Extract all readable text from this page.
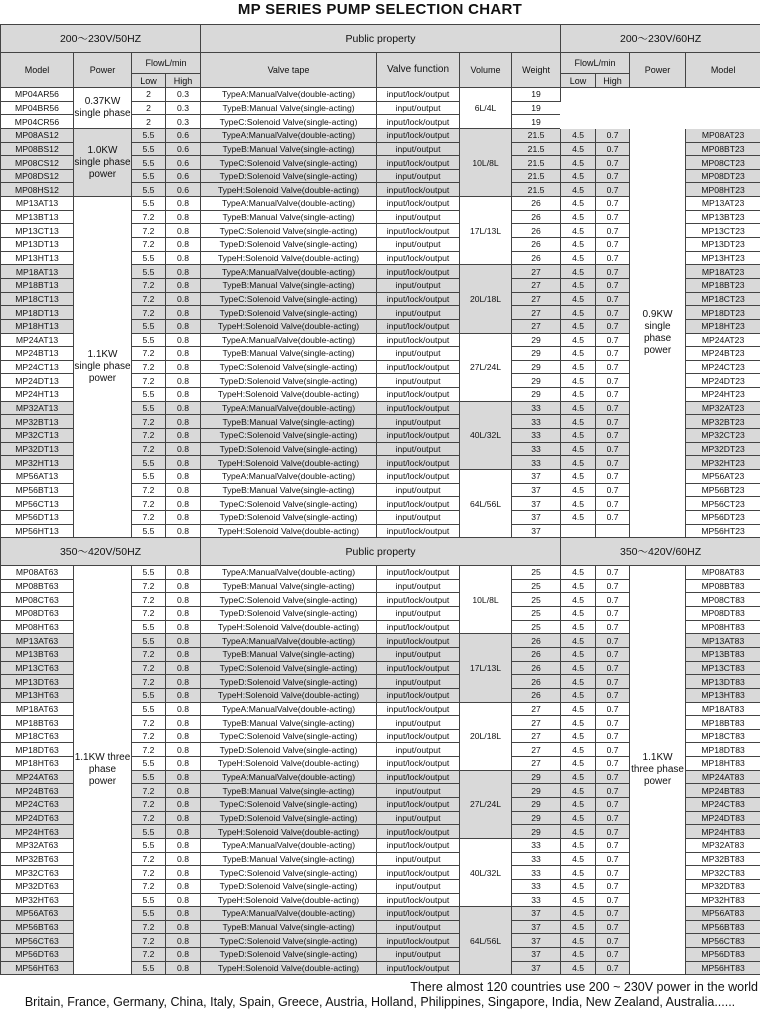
MP SERIES PUMP SELECTION CHART
200～230V/50HZ				Public property				200～230V/60HZ			
Model	Power	FlowL/min		Valve tape	Valve function	Volume	Weight	FlowL/min		Power	Model
		Low	High					Low	High		
MP04AR56	0.37KW single phase	2	0.3	TypeA:ManualValve(double-acting)	input/lock/output	6L/4L	19				
MP04BR56		2	0.3	TypeB:Manual Valve(single-acting)	input/output		19				
MP04CR56		2	0.3	TypeC:Solenoid Valve(single-acting)	input/lock/output		19				
MP08AS12	1.0KW single phase power	5.5	0.6	TypeA:ManualValve(double-acting)	input/lock/output	10L/8L	21.5	4.5	0.7	0.9KW single phase power	MP08AT23
MP08BS12		5.5	0.6	TypeB:Manual Valve(single-acting)	input/output		21.5	4.5	0.7		MP08BT23
MP08CS12		5.5	0.6	TypeC:Solenoid Valve(single-acting)	input/lock/output		21.5	4.5	0.7		MP08CT23
MP08DS12		5.5	0.6	TypeD:Solenoid Valve(single-acting)	input/output		21.5	4.5	0.7		MP08DT23
MP08HS12		5.5	0.6	TypeH:Solenoid Valve(double-acting)	input/lock/output		21.5	4.5	0.7		MP08HT23
MP13AT13	1.1KW single phase power	5.5	0.8	TypeA:ManualValve(double-acting)	input/lock/output	17L/13L	26	4.5	0.7		MP13AT23
MP13BT13		7.2	0.8	TypeB:Manual Valve(single-acting)	input/output		26	4.5	0.7		MP13BT23
MP13CT13		7.2	0.8	TypeC:Solenoid Valve(single-acting)	input/lock/output		26	4.5	0.7		MP13CT23
MP13DT13		7.2	0.8	TypeD:Solenoid Valve(single-acting)	input/output		26	4.5	0.7		MP13DT23
MP13HT13		5.5	0.8	TypeH:Solenoid Valve(double-acting)	input/lock/output		26	4.5	0.7		MP13HT23
MP18AT13		5.5	0.8	TypeA:ManualValve(double-acting)	input/lock/output	20L/18L	27	4.5	0.7		MP18AT23
MP18BT13		7.2	0.8	TypeB:Manual Valve(single-acting)	input/output		27	4.5	0.7		MP18BT23
MP18CT13		7.2	0.8	TypeC:Solenoid Valve(single-acting)	input/lock/output		27	4.5	0.7		MP18CT23
MP18DT13		7.2	0.8	TypeD:Solenoid Valve(single-acting)	input/output		27	4.5	0.7		MP18DT23
MP18HT13		5.5	0.8	TypeH:Solenoid Valve(double-acting)	input/lock/output		27	4.5	0.7		MP18HT23
MP24AT13		5.5	0.8	TypeA:ManualValve(double-acting)	input/lock/output	27L/24L	29	4.5	0.7		MP24AT23
MP24BT13		7.2	0.8	TypeB:Manual Valve(single-acting)	input/output		29	4.5	0.7		MP24BT23
MP24CT13		7.2	0.8	TypeC:Solenoid Valve(single-acting)	input/lock/output		29	4.5	0.7		MP24CT23
MP24DT13		7.2	0.8	TypeD:Solenoid Valve(single-acting)	input/output		29	4.5	0.7		MP24DT23
MP24HT13		5.5	0.8	TypeH:Solenoid Valve(double-acting)	input/lock/output		29	4.5	0.7		MP24HT23
MP32AT13		5.5	0.8	TypeA:ManualValve(double-acting)	input/lock/output	40L/32L	33	4.5	0.7		MP32AT23
MP32BT13		7.2	0.8	TypeB:Manual Valve(single-acting)	input/output		33	4.5	0.7		MP32BT23
MP32CT13		7.2	0.8	TypeC:Solenoid Valve(single-acting)	input/lock/output		33	4.5	0.7		MP32CT23
MP32DT13		7.2	0.8	TypeD:Solenoid Valve(single-acting)	input/output		33	4.5	0.7		MP32DT23
MP32HT13		5.5	0.8	TypeH:Solenoid Valve(double-acting)	input/lock/output		33	4.5	0.7		MP32HT23
MP56AT13		5.5	0.8	TypeA:ManualValve(double-acting)	input/lock/output	64L/56L	37	4.5	0.7		MP56AT23
MP56BT13		7.2	0.8	TypeB:Manual Valve(single-acting)	input/output		37	4.5	0.7		MP56BT23
MP56CT13		7.2	0.8	TypeC:Solenoid Valve(single-acting)	input/lock/output		37	4.5	0.7		MP56CT23
MP56DT13		7.2	0.8	TypeD:Solenoid Valve(single-acting)	input/output		37	4.5	0.7		MP56DT23
MP56HT13		5.5	0.8	TypeH:Solenoid Valve(double-acting)	input/lock/output		37				MP56HT23
350～420V/50HZ				Public property				350～420V/60HZ			
MP08AT63	1.1KW three phase power	5.5	0.8	TypeA:ManualValve(double-acting)	input/lock/output	10L/8L	25	4.5	0.7	1.1KW three phase power	MP08AT83
MP08BT63		7.2	0.8	TypeB:Manual Valve(single-acting)	input/output		25	4.5	0.7		MP08BT83
MP08CT63		7.2	0.8	TypeC:Solenoid Valve(single-acting)	input/lock/output		25	4.5	0.7		MP08CT83
MP08DT63		7.2	0.8	TypeD:Solenoid Valve(single-acting)	input/output		25	4.5	0.7		MP08DT83
MP08HT63		5.5	0.8	TypeH:Solenoid Valve(double-acting)	input/lock/output		25	4.5	0.7		MP08HT83
MP13AT63		5.5	0.8	TypeA:ManualValve(double-acting)	input/lock/output	17L/13L	26	4.5	0.7		MP13AT83
MP13BT63		7.2	0.8	TypeB:Manual Valve(single-acting)	input/output		26	4.5	0.7		MP13BT83
MP13CT63		7.2	0.8	TypeC:Solenoid Valve(single-acting)	input/lock/output		26	4.5	0.7		MP13CT83
MP13DT63		7.2	0.8	TypeD:Solenoid Valve(single-acting)	input/output		26	4.5	0.7		MP13DT83
MP13HT63		5.5	0.8	TypeH:Solenoid Valve(double-acting)	input/lock/output		26	4.5	0.7		MP13HT83
MP18AT63		5.5	0.8	TypeA:ManualValve(double-acting)	input/lock/output	20L/18L	27	4.5	0.7		MP18AT83
MP18BT63		7.2	0.8	TypeB:Manual Valve(single-acting)	input/output		27	4.5	0.7		MP18BT83
MP18CT63		7.2	0.8	TypeC:Solenoid Valve(single-acting)	input/lock/output		27	4.5	0.7		MP18CT83
MP18DT63		7.2	0.8	TypeD:Solenoid Valve(single-acting)	input/output		27	4.5	0.7		MP18DT83
MP18HT63		5.5	0.8	TypeH:Solenoid Valve(double-acting)	input/lock/output		27	4.5	0.7		MP18HT83
MP24AT63		5.5	0.8	TypeA:ManualValve(double-acting)	input/lock/output	27L/24L	29	4.5	0.7		MP24AT83
MP24BT63		7.2	0.8	TypeB:Manual Valve(single-acting)	input/output		29	4.5	0.7		MP24BT83
MP24CT63		7.2	0.8	TypeC:Solenoid Valve(single-acting)	input/lock/output		29	4.5	0.7		MP24CT83
MP24DT63		7.2	0.8	TypeD:Solenoid Valve(single-acting)	input/output		29	4.5	0.7		MP24DT83
MP24HT63		5.5	0.8	TypeH:Solenoid Valve(double-acting)	input/lock/output		29	4.5	0.7		MP24HT83
MP32AT63		5.5	0.8	TypeA:ManualValve(double-acting)	input/lock/output	40L/32L	33	4.5	0.7		MP32AT83
MP32BT63		7.2	0.8	TypeB:Manual Valve(single-acting)	input/output		33	4.5	0.7		MP32BT83
MP32CT63		7.2	0.8	TypeC:Solenoid Valve(single-acting)	input/lock/output		33	4.5	0.7		MP32CT83
MP32DT63		7.2	0.8	TypeD:Solenoid Valve(single-acting)	input/output		33	4.5	0.7		MP32DT83
MP32HT63		5.5	0.8	TypeH:Solenoid Valve(double-acting)	input/lock/output		33	4.5	0.7		MP32HT83
MP56AT63		5.5	0.8	TypeA:ManualValve(double-acting)	input/lock/output	64L/56L	37	4.5	0.7		MP56AT83
MP56BT63		7.2	0.8	TypeB:Manual Valve(single-acting)	input/output		37	4.5	0.7		MP56BT83
MP56CT63		7.2	0.8	TypeC:Solenoid Valve(single-acting)	input/lock/output		37	4.5	0.7		MP56CT83
MP56DT63		7.2	0.8	TypeD:Solenoid Valve(single-acting)	input/output		37	4.5	0.7		MP56DT83
MP56HT63		5.5	0.8	TypeH:Solenoid Valve(double-acting)	input/lock/output		37	4.5	0.7		MP56HT83
There almost 120 countries use 200 ~ 230V power in the world
Britain, France, Germany, China, Italy, Spain, Greece, Austria, Holland, Philippines, Singapore, India, New Zealand, Australia......
